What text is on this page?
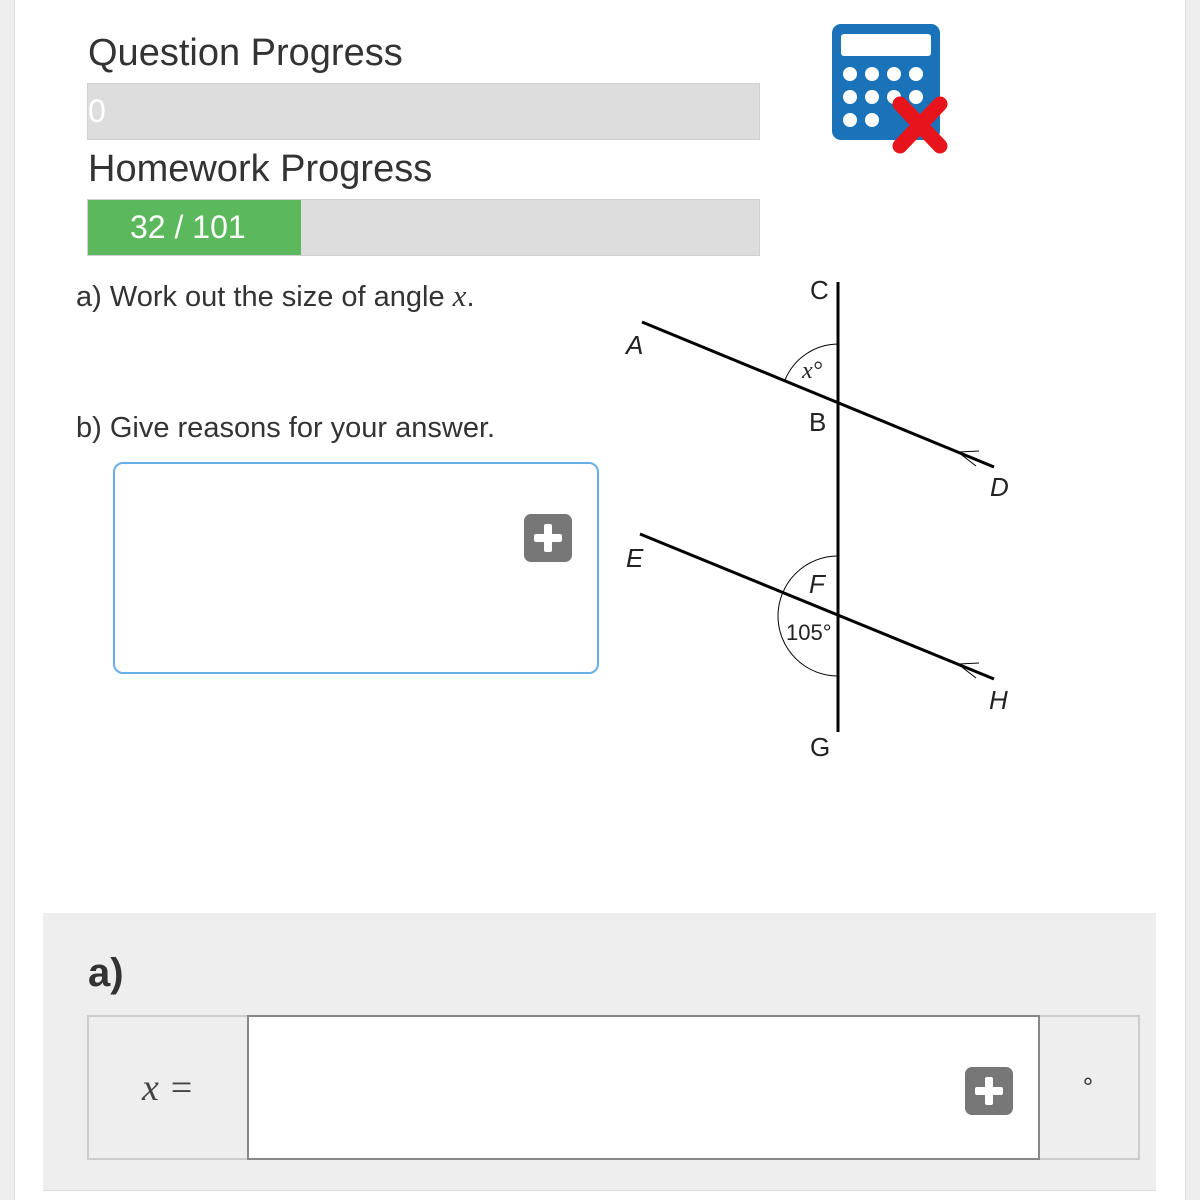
Question Progress
0
Homework Progress
32 / 101
a) Work out the size of angle x.
b) Give reasons for your answer.
C
A
B
D
E
F
H
G
x°
105°
a)
x =	°
